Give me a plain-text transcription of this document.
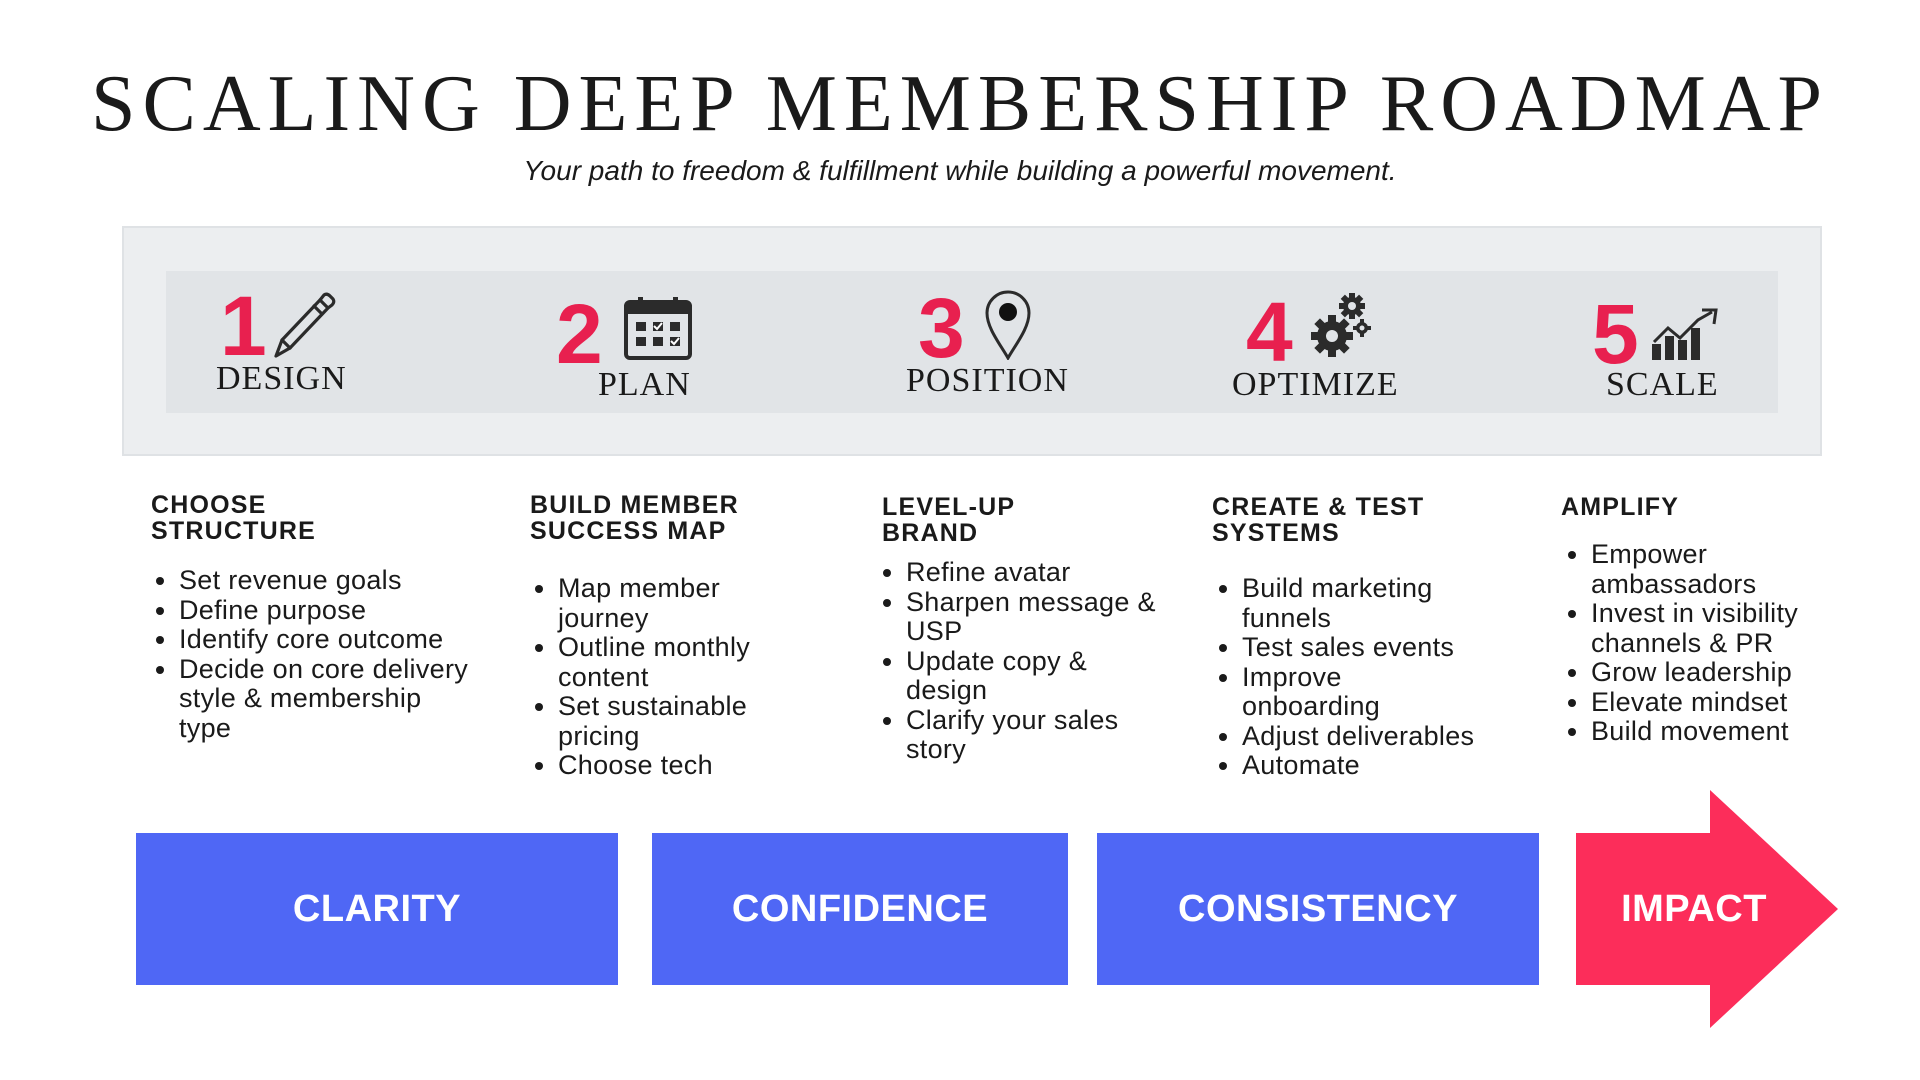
SCALING DEEP MEMBERSHIP ROADMAP
Your path to freedom & fulfillment while building a powerful movement.
1
DESIGN 2
PLAN
3
POSITION
4
OPTIMIZE
5
SCALE
CHOOSE
STRUCTURE
• Set revenue goals
• Define purpose
• Identify core outcome
• Decide on core delivery style & membership type
BUILD MEMBER
SUCCESS MAP
• Map member journey
• Outline monthly content
• Set sustainable pricing
• Choose tech
LEVEL-UP
BRAND
• Refine avatar
• Sharpen message & USP
• Update copy & design
• Clarify your sales story
CREATE & TEST
SYSTEMS
• Build marketing funnels
• Test sales events
• Improve onboarding
• Adjust deliverables
• Automate
AMPLIFY
• Empower ambassadors
• Invest in visibility channels & PR
• Grow leadership
• Elevate mindset
• Build movement
CLARITY	CONFIDENCE	CONSISTENCY	IMPACT
